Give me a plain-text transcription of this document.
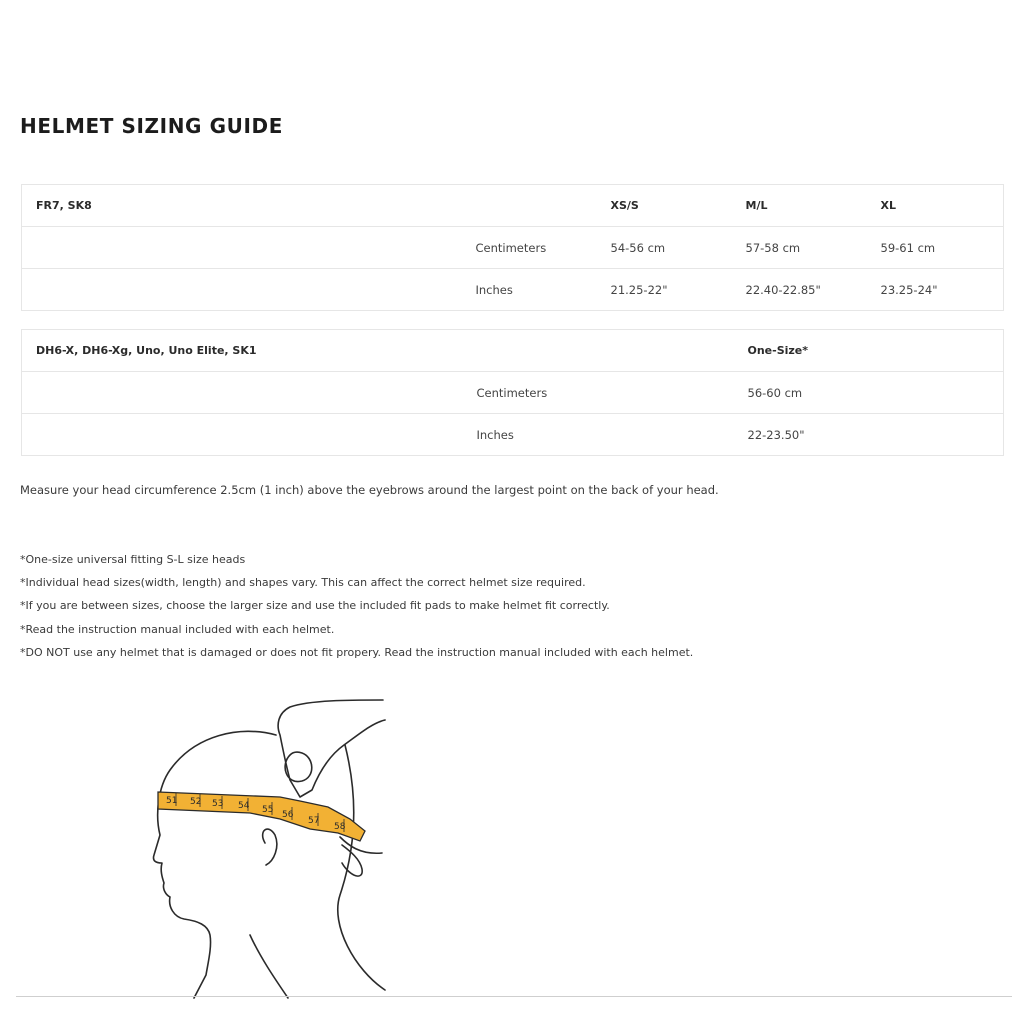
HELMET SIZING GUIDE
FR7, SK8		XS/S	M/L	XL
	Centimeters	54-56 cm	57-58 cm	59-61 cm
	Inches	21.25-22"	22.40-22.85"	23.25-24"
DH6-X, DH6-Xg, Uno, Uno Elite, SK1		One-Size*
	Centimeters	56-60 cm
	Inches	22-23.50"
Measure your head circumference 2.5cm (1 inch) above the eyebrows around the largest point on the back of your head.
*One-size universal fitting S-L size heads
*Individual head sizes(width, length) and shapes vary. This can affect the correct helmet size required.
*If you are between sizes, choose the larger size and use the included fit pads to make helmet fit correctly.
*Read the instruction manual included with each helmet.
*DO NOT use any helmet that is damaged or does not fit propery. Read the instruction manual included with each helmet.
51 52 53 54 55 56
57
58
